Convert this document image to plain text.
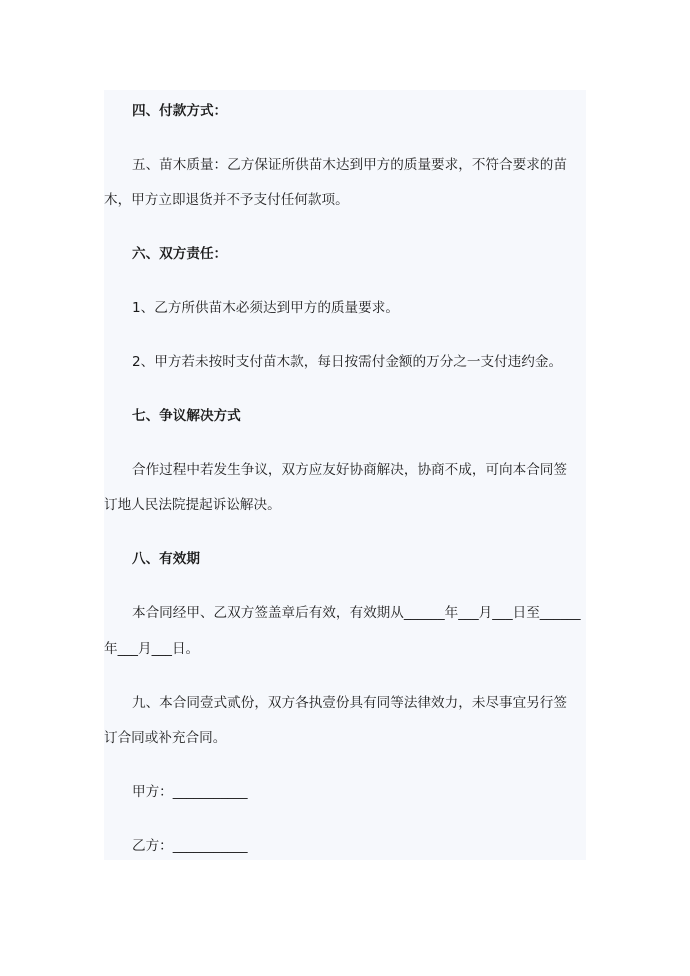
四、付款方式：
五、苗木质量：乙方保证所供苗木达到甲方的质量要求，不符合要求的苗
木，甲方立即退货并不予支付任何款项。
六、双方责任：
1、乙方所供苗木必须达到甲方的质量要求。
2、甲方若未按时支付苗木款，每日按需付金额的万分之一支付违约金。
七、争议解决方式
合作过程中若发生争议，双方应友好协商解决，协商不成，可向本合同签
订地人民法院提起诉讼解决。
八、有效期
本合同经甲、乙双方签盖章后有效，有效期从______年___月___日至______
年___月___日。
九、本合同壹式贰份，双方各执壹份具有同等法律效力，未尽事宜另行签
订合同或补充合同。
甲方：___________
乙方：___________
